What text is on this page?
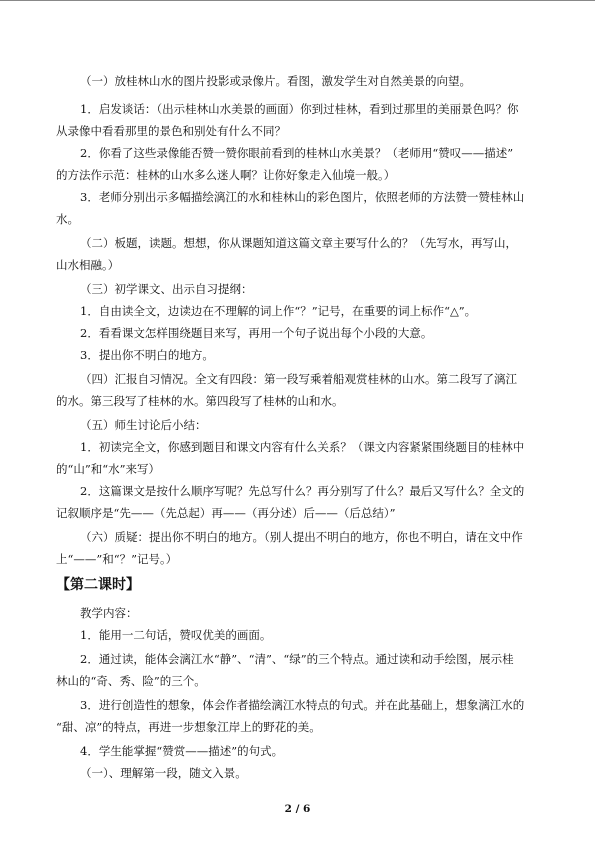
（一）放桂林山水的图片投影或录像片。看图，激发学生对自然美景的向望。
1．启发谈话：（出示桂林山水美景的画面）你到过桂林，看到过那里的美丽景色吗？你
从录像中看看那里的景色和别处有什么不同？
2．你看了这些录像能否赞一赞你眼前看到的桂林山水美景？（老师用“赞叹——描述”
的方法作示范：桂林的山水多么迷人啊？让你好象走入仙境一般。）
3．老师分别出示多幅描绘漓江的水和桂林山的彩色图片，依照老师的方法赞一赞桂林山
水。
（二）板题，读题。想想，你从课题知道这篇文章主要写什么的？（先写水，再写山，
山水相融。）
（三）初学课文、出示自习提纲：
1．自由读全文，边读边在不理解的词上作“？”记号，在重要的词上标作“△”。
2．看看课文怎样围绕题目来写，再用一个句子说出每个小段的大意。
3．提出你不明白的地方。
（四）汇报自习情况。全文有四段：第一段写乘着船观赏桂林的山水。第二段写了漓江
的水。第三段写了桂林的水。第四段写了桂林的山和水。
（五）师生讨论后小结：
1．初读完全文，你感到题目和课文内容有什么关系？（课文内容紧紧围绕题目的桂林中
的“山”和“水”来写）
2．这篇课文是按什么顺序写呢？先总写什么？再分别写了什么？最后又写什么？全文的
记叙顺序是“先——（先总起）再——（再分述）后——（后总结）”
（六）质疑：提出你不明白的地方。（别人提出不明白的地方，你也不明白，请在文中作
上“——”和“？”记号。）
【第二课时】
教学内容：
1．能用一二句话，赞叹优美的画面。
2．通过读，能体会漓江水“静”、“清”、“绿”的三个特点。通过读和动手绘图，展示桂
林山的“奇、秀、险”的三个。
3．进行创造性的想象，体会作者描绘漓江水特点的句式。并在此基础上，想象漓江水的
“甜、凉”的特点，再进一步想象江岸上的野花的美。
4．学生能掌握“赞赏——描述”的句式。
（一）、理解第一段，随文入景。
2 / 6
